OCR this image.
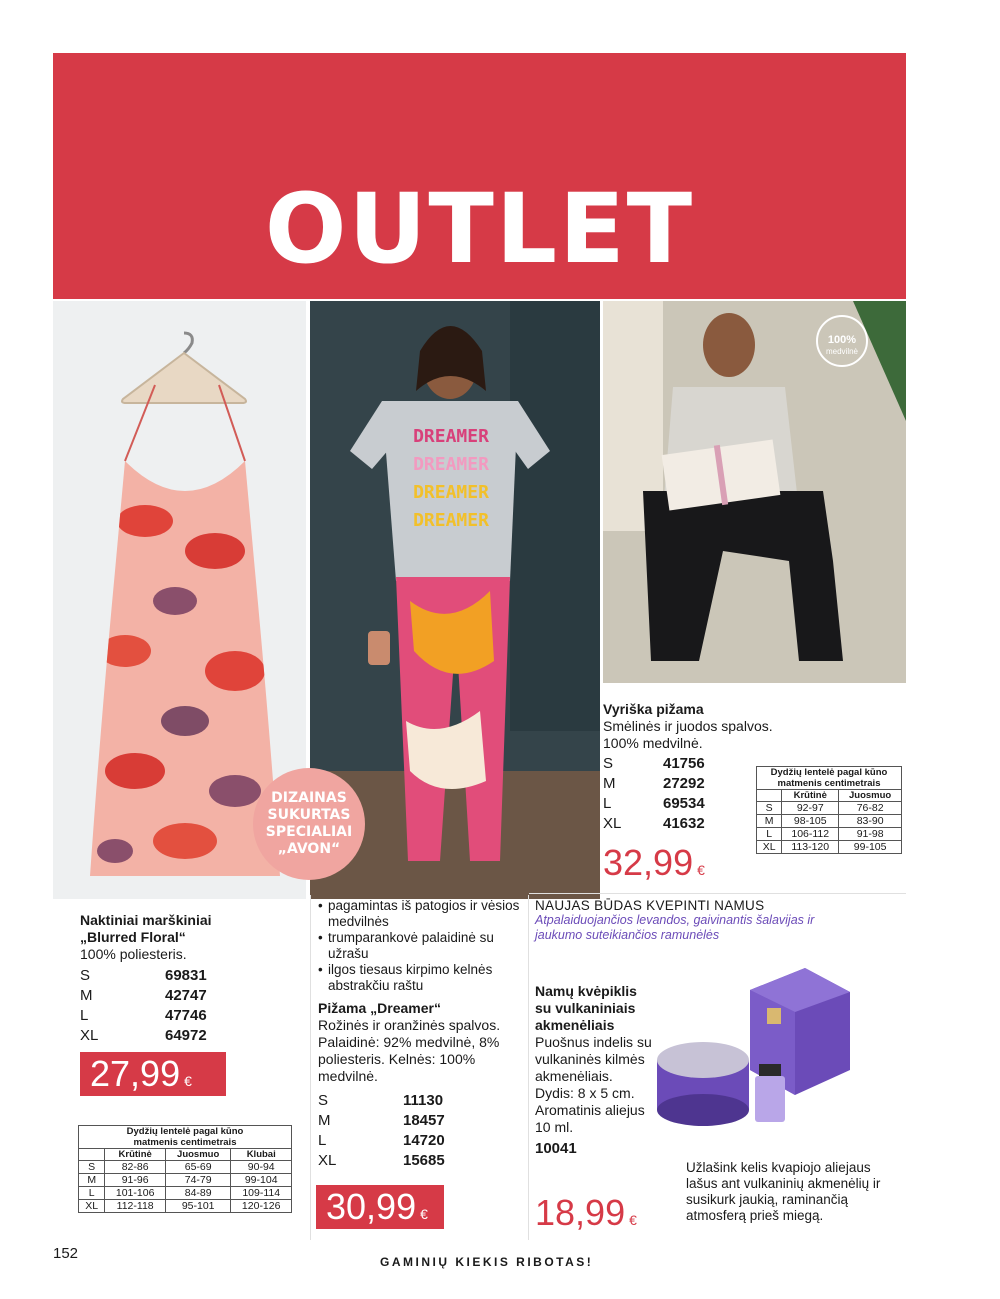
OUTLET
DREAMER
DREAMER
DREAMER
DREAMER
100%
medvilnė
DIZAINAS
SUKURTAS
SPECIALIAI
„AVON“
Naktiniai marškiniai
„Blurred Floral“
100% poliesteris.
S	69831
M	42747
L	47746
XL	64972
27,99 €
Dydžių lentelė pagal kūno
matmenis centimetrais			
	Krūtinė	Juosmuo	Klubai
S	82-86	65-69	90-94
M	91-96	74-79	99-104
L	101-106	84-89	109-114
XL	112-118	95-101	120-126
• pagamintas iš patogios ir vėsios medvilnės
• trumparankovė palaidinė su užrašu
• ilgos tiesaus kirpimo kelnės abstrakčiu raštu
Pižama „Dreamer“
Rožinės ir oranžinės spalvos.
Palaidinė: 92% medvilnė, 8% poliesteris. Kelnės: 100% medvilnė.
S	11130
M	18457
L	14720
XL	15685
30,99 €
Vyriška pižama
Smėlinės ir juodos spalvos. 100% medvilnė.
S	41756
M	27292
L	69534
XL	41632
32,99 €
Dydžių lentelė pagal kūno
matmenis centimetrais		
	Krūtinė	Juosmuo
S	92-97	76-82
M	98-105	83-90
L	106-112	91-98
XL	113-120	99-105
NAUJAS BŪDAS KVEPINTI NAMUS
Atpalaiduojančios levandos, gaivinantis šalavijas ir jaukumo suteikiančios ramunėlės
Namų kvėpiklis su vulkaniniais akmenėliais
Puošnus indelis su vulkaninės kilmės akmenėliais. Dydis: 8 x 5 cm. Aromatinis aliejus 10 ml.
10041
18,99 €
Užlašink kelis kvapiojo aliejaus lašus ant vulkaninių akmenėlių ir susikurk jaukią, raminančią atmosferą prieš miegą.
152	GAMINIŲ KIEKIS RIBOTAS!
